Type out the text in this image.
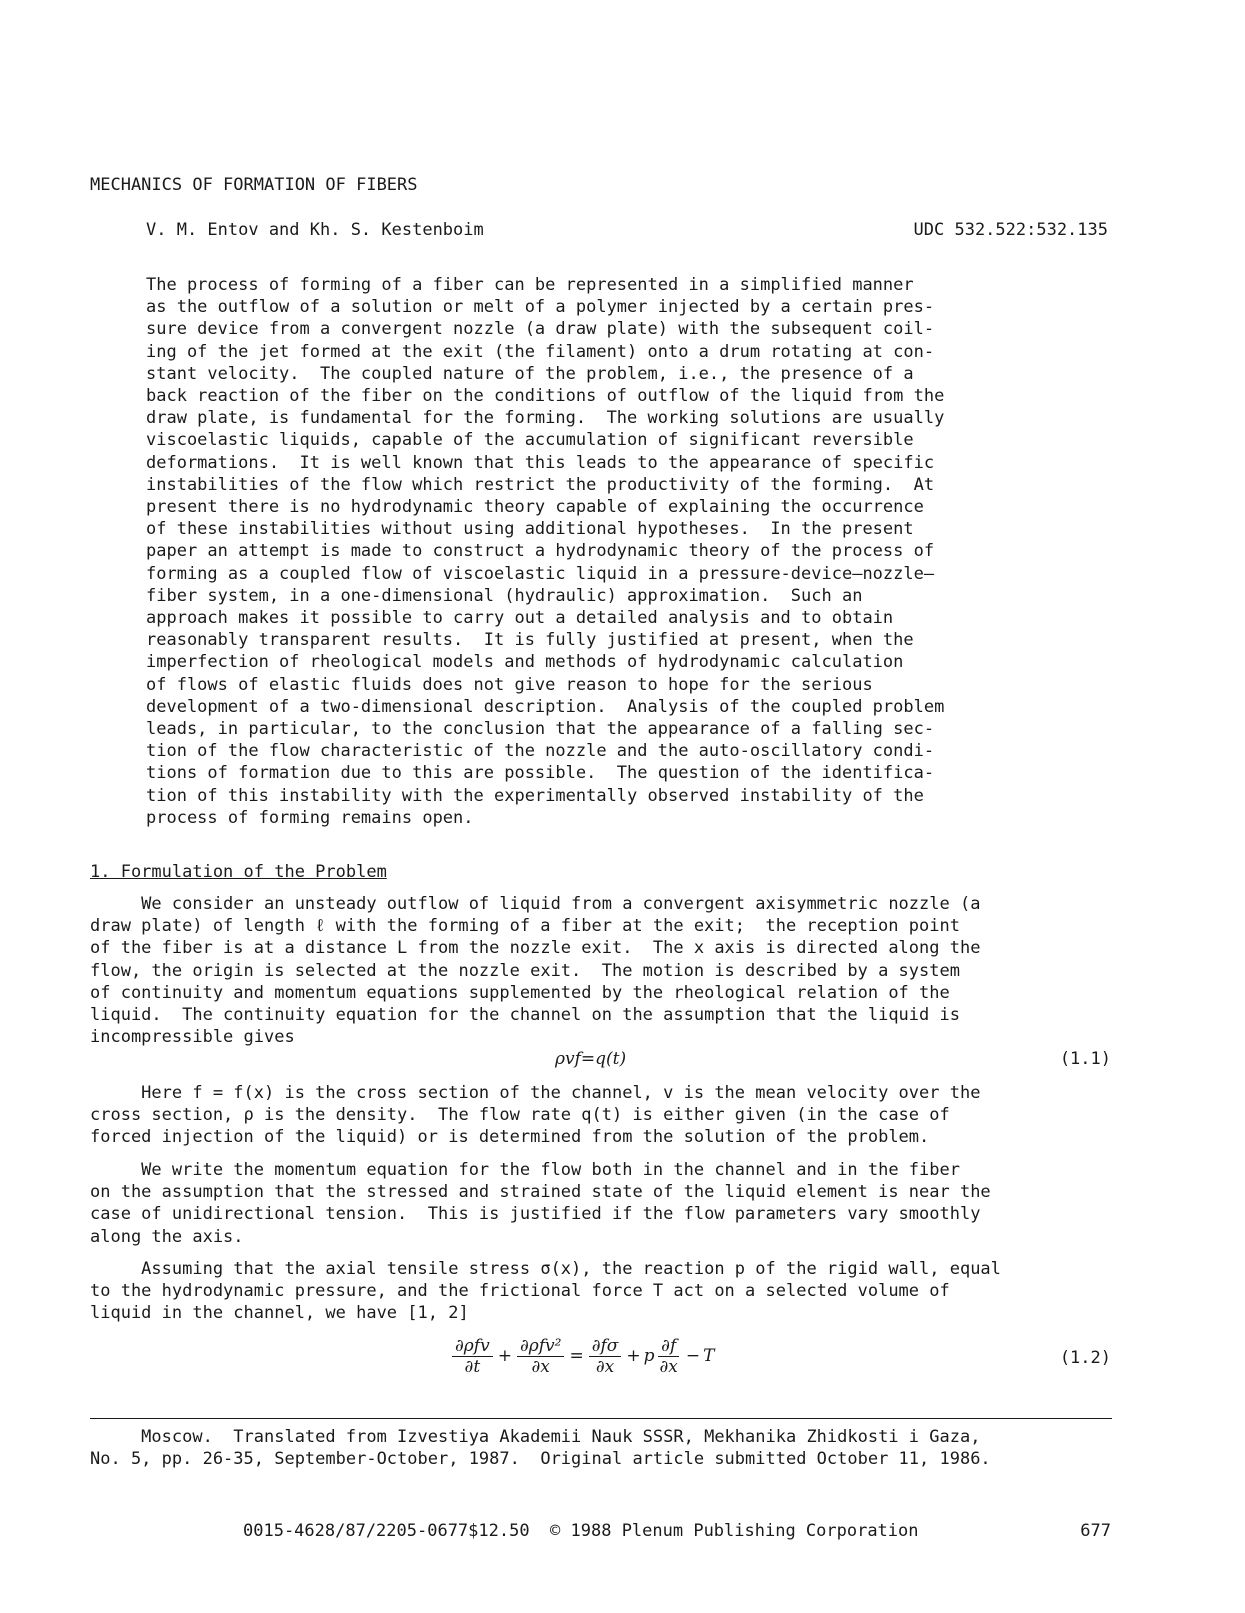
MECHANICS OF FORMATION OF FIBERS
V. M. Entov and Kh. S. Kestenboim	UDC 532.522:532.135
The process of forming of a fiber can be represented in a simplified manner
as the outflow of a solution or melt of a polymer injected by a certain pres-
sure device from a convergent nozzle (a draw plate) with the subsequent coil-
ing of the jet formed at the exit (the filament) onto a drum rotating at con-
stant velocity.  The coupled nature of the problem, i.e., the presence of a
back reaction of the fiber on the conditions of outflow of the liquid from the
draw plate, is fundamental for the forming.  The working solutions are usually
viscoelastic liquids, capable of the accumulation of significant reversible
deformations.  It is well known that this leads to the appearance of specific
instabilities of the flow which restrict the productivity of the forming.  At
present there is no hydrodynamic theory capable of explaining the occurrence
of these instabilities without using additional hypotheses.  In the present
paper an attempt is made to construct a hydrodynamic theory of the process of
forming as a coupled flow of viscoelastic liquid in a pressure-device—nozzle—
fiber system, in a one-dimensional (hydraulic) approximation.  Such an
approach makes it possible to carry out a detailed analysis and to obtain
reasonably transparent results.  It is fully justified at present, when the
imperfection of rheological models and methods of hydrodynamic calculation
of flows of elastic fluids does not give reason to hope for the serious
development of a two-dimensional description.  Analysis of the coupled problem
leads, in particular, to the conclusion that the appearance of a falling sec-
tion of the flow characteristic of the nozzle and the auto-oscillatory condi-
tions of formation due to this are possible.  The question of the identifica-
tion of this instability with the experimentally observed instability of the
process of forming remains open.
1. Formulation of the Problem
We consider an unsteady outflow of liquid from a convergent axisymmetric nozzle (a
draw plate) of length ℓ with the forming of a fiber at the exit;  the reception point
of the fiber is at a distance L from the nozzle exit.  The x axis is directed along the
flow, the origin is selected at the nozzle exit.  The motion is described by a system
of continuity and momentum equations supplemented by the rheological relation of the
liquid.  The continuity equation for the channel on the assumption that the liquid is
incompressible gives
ρvf=q(t)	(1.1)
Here f = f(x) is the cross section of the channel, v is the mean velocity over the
cross section, ρ is the density.  The flow rate q(t) is either given (in the case of
forced injection of the liquid) or is determined from the solution of the problem.
We write the momentum equation for the flow both in the channel and in the fiber
on the assumption that the stressed and strained state of the liquid element is near the
case of unidirectional tension.  This is justified if the flow parameters vary smoothly
along the axis.
Assuming that the axial tensile stress σ(x), the reaction p of the rigid wall, equal
to the hydrodynamic pressure, and the frictional force T act on a selected volume of
liquid in the channel, we have [1, 2]
$\frac{\text{∂ρfv}}{\partial t} + \frac{\text{∂ρfv²}}{\partial x} = \frac{\partial f\sigma}{\partial x} + p \frac{\partial f}{\partial x} - T$	(1.2)
Moscow.  Translated from Izvestiya Akademii Nauk SSSR, Mekhanika Zhidkosti i Gaza,
No. 5, pp. 26-35, September-October, 1987.  Original article submitted October 11, 1986.
0015-4628/87/2205-0677$12.50  © 1988 Plenum Publishing Corporation	677
